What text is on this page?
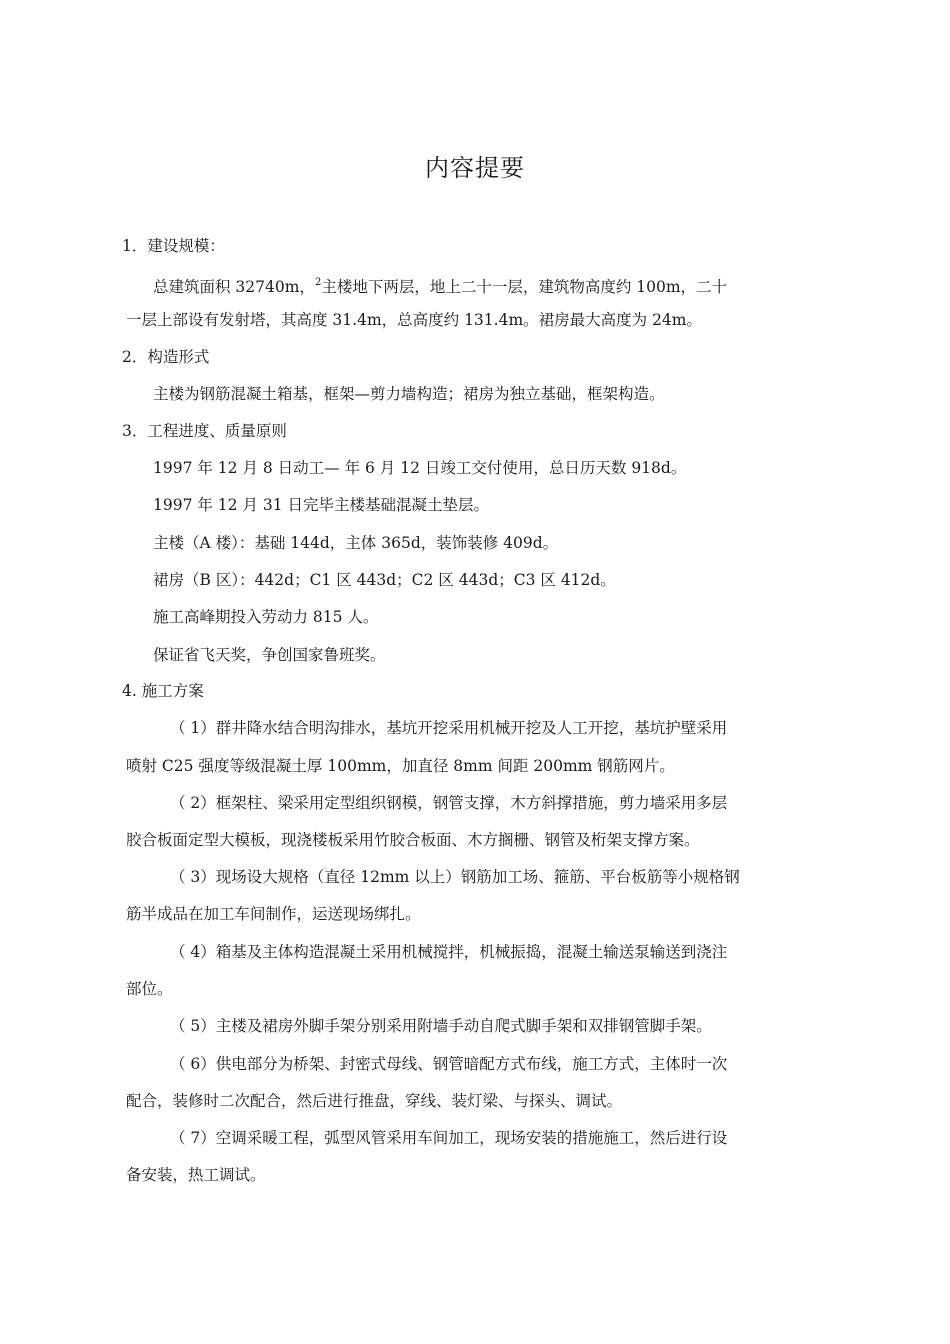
内容提要
1．建设规模：
总建筑面积 32740m，$^2$主楼地下两层，地上二十一层，建筑物高度约 100m，二十
一层上部设有发射塔，其高度 31.4m，总高度约 131.4m。裙房最大高度为 24m。
2．构造形式
主楼为钢筋混凝土箱基，框架—剪力墙构造；裙房为独立基础，框架构造。
3．工程进度、质量原则
1997 年 12 月 8 日动工— 年 6 月 12 日竣工交付使用，总日历天数 918d。
1997 年 12 月 31 日完毕主楼基础混凝土垫层。
主楼（A 楼）：基础 144d，主体 365d，装饰装修 409d。
裙房（B 区）：442d；C1 区 443d；C2 区 443d；C3 区 412d。
施工高峰期投入劳动力 815 人。
保证省飞天奖，争创国家鲁班奖。
4. 施工方案
（ 1）群井降水结合明沟排水，基坑开挖采用机械开挖及人工开挖，基坑护壁采用
喷射 C25 强度等级混凝土厚 100mm，加直径 8mm 间距 200mm 钢筋网片。
（ 2）框架柱、梁采用定型组织钢模，钢管支撑，木方斜撑措施，剪力墙采用多层
胶合板面定型大模板，现浇楼板采用竹胶合板面、木方搁栅、钢管及桁架支撑方案。
（ 3）现场设大规格（直径 12mm 以上）钢筋加工场、箍筋、平台板筋等小规格钢
筋半成品在加工车间制作，运送现场绑扎。
（ 4）箱基及主体构造混凝土采用机械搅拌，机械振捣，混凝土输送泵输送到浇注
部位。
（ 5）主楼及裙房外脚手架分别采用附墙手动自爬式脚手架和双排钢管脚手架。
（ 6）供电部分为桥架、封密式母线、钢管暗配方式布线，施工方式，主体时一次
配合，装修时二次配合，然后进行推盘，穿线、装灯梁、与探头、调试。
（ 7）空调采暖工程，弧型风管采用车间加工，现场安装的措施施工，然后进行设
备安装，热工调试。
